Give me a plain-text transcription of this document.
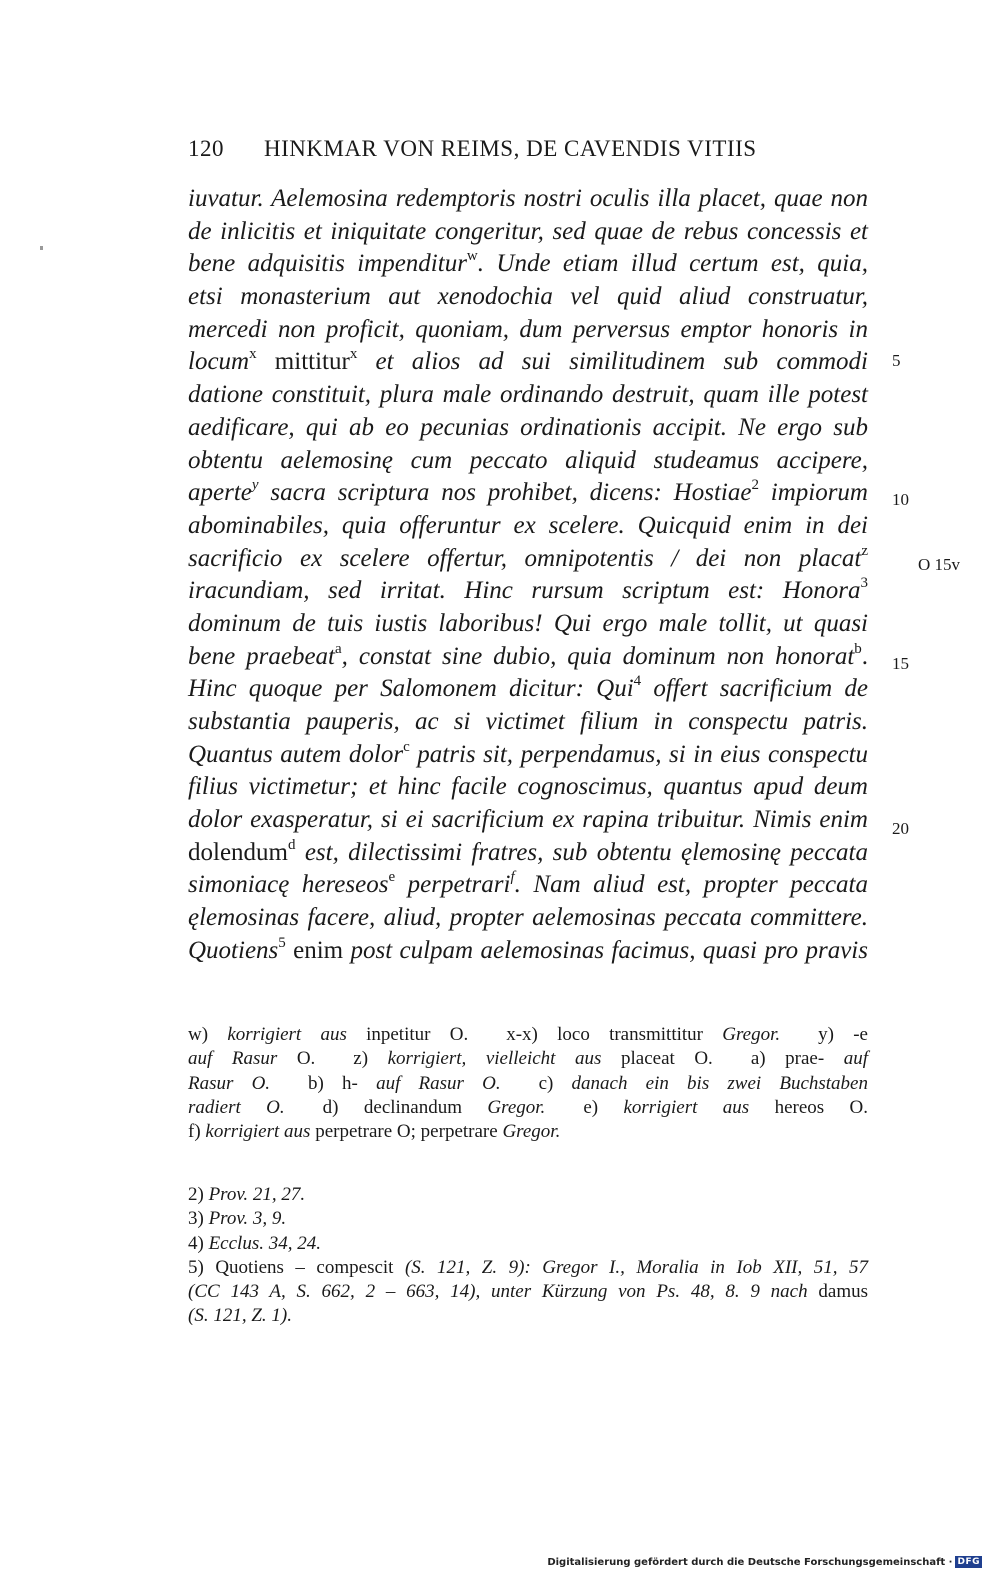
120 HINKMAR VON REIMS, DE CAVENDIS VITIIS
iuvatur. Aelemosina redemptoris nostri oculis illa placet, quae non
de inlicitis et iniquitate congeritur, sed quae de rebus concessis et
bene adquisitis impenditur$^w$. Unde etiam illud certum est, quia,
etsi monasterium aut xenodochia vel quid aliud construatur,
mercedi non proficit, quoniam, dum perversus emptor honoris in
locum$^x$ mittitur$^x$ et alios ad sui similitudinem sub commodi
datione constituit, plura male ordinando destruit, quam ille potest
aedificare, qui ab eo pecunias ordinationis accipit. Ne ergo sub
obtentu aelemosinę cum peccato aliquid studeamus accipere,
aperte$^y$ sacra scriptura nos prohibet, dicens: Hostiae$^2$ impiorum
abominabiles, quia offeruntur ex scelere. Quicquid enim in dei
sacrificio ex scelere offertur, omnipotentis / dei non placat$^z$
iracundiam, sed irritat. Hinc rursum scriptum est: Honora$^3$
dominum de tuis iustis laboribus! Qui ergo male tollit, ut quasi
bene praebeat$^a$, constat sine dubio, quia dominum non honorat$^b$.
Hinc quoque per Salomonem dicitur: Qui$^4$ offert sacrificium de
substantia pauperis, ac si victimet filium in conspectu patris.
Quantus autem dolor$^c$ patris sit, perpendamus, si in eius conspectu
filius victimetur; et hinc facile cognoscimus, quantus apud deum
dolor exasperatur, si ei sacrificium ex rapina tribuitur. Nimis enim
dolendum$^d$ est, dilectissimi fratres, sub obtentu ęlemosinę peccata
simoniacę hereseos$^e$ perpetrari$^f$. Nam aliud est, propter peccata
ęlemosinas facere, aliud, propter aelemosinas peccata committere.
Quotiens$^5$ enim post culpam aelemosinas facimus, quasi pro pravis
5
10
15
20
O 15v
w) korrigiert aus inpetitur O.   x-x) loco transmittitur Gregor.   y) -e
auf Rasur O.   z) korrigiert, vielleicht aus placeat O.   a) prae- auf
Rasur O.   b) h- auf Rasur O.   c) danach ein bis zwei Buchstaben
radiert O.   d) declinandum Gregor.   e) korrigiert aus hereos O.
f) korrigiert aus perpetrare O; perpetrare Gregor.
2) Prov. 21, 27.
3) Prov. 3, 9.
4) Ecclus. 34, 24.
5) Quotiens – compescit (S. 121, Z. 9): Gregor I., Moralia in Iob XII, 51, 57
(CC 143 A, S. 662, 2 – 663, 14), unter Kürzung von Ps. 48, 8. 9 nach damus
(S. 121, Z. 1).
Digitalisierung gefördert durch die Deutsche Forschungsgemeinschaft · DFG
